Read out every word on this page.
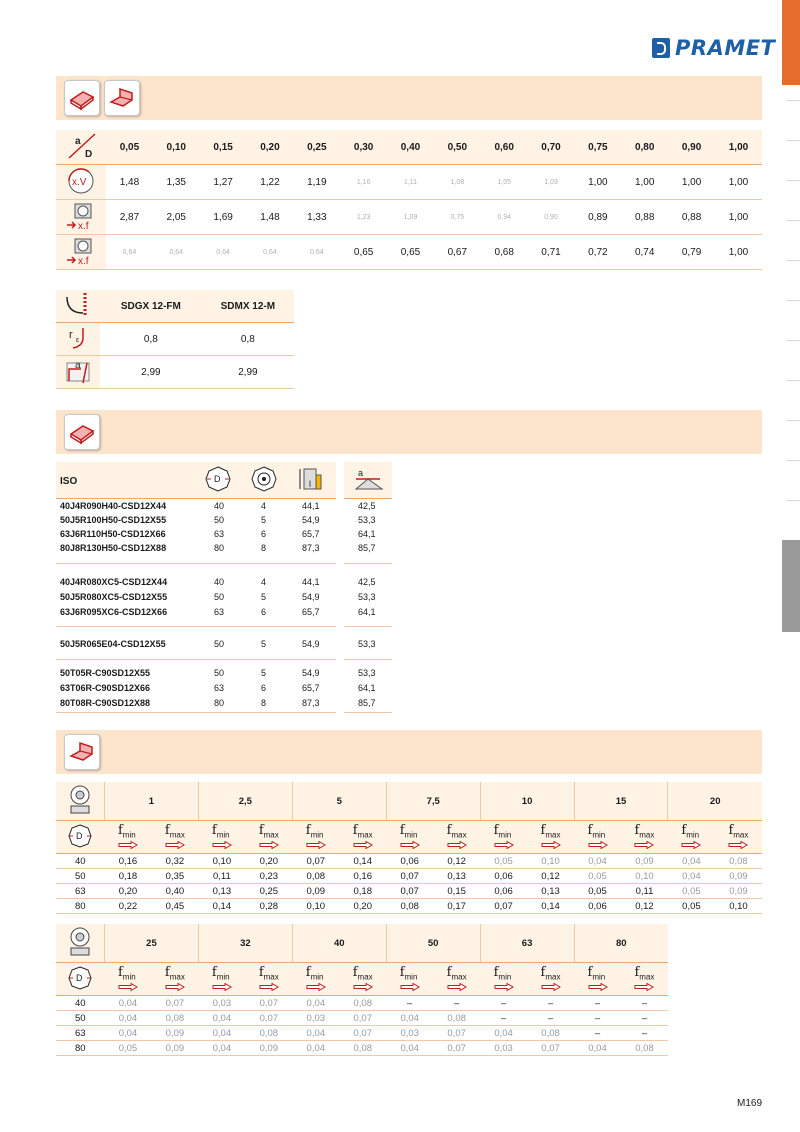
PRAMET
a
D	0,05	0,10	0,15	0,20	0,25	0,30	0,40	0,50	0,60	0,70	0,75	0,80	0,90	1,00

x.V	1,48	1,35	1,27	1,22	1,19	1,16	1,11	1,08	1,05	1,03	1,00	1,00	1,00	1,00

x.f	2,87	2,05	1,69	1,48	1,33	1,23	1,09	0,75	0,94	0,90	0,89	0,88	0,88	1,00

x.f	0,64	0,64	0,64	0,64	0,64	0,65	0,65	0,67	0,68	0,71	0,72	0,74	0,79	1,00
	SDGX 12-FM	SDMX 12-M

r ε	0,8	0,8

a	2,99	2,99
ISO	D	l
a
40J4R090H40-CSD12X44	40	4	44,1	42,5
50J5R100H50-CSD12X55	50	5	54,9	53,3
63J6R110H50-CSD12X66	63	6	65,7	64,1
80J8R130H50-CSD12X88	80	8	87,3	85,7
40J4R080XC5-CSD12X44	40	4	44,1	42,5
50J5R080XC5-CSD12X55	50	5	54,9	53,3
63J6R095XC6-CSD12X66	63	6	65,7	64,1
50J5R065E04-CSD12X55	50	5	54,9	53,3
50T05R-C90SD12X55	50	5	54,9	53,3
63T06R-C90SD12X66	63	6	65,7	64,1
80T08R-C90SD12X88	80	8	87,3	85,7
	1		2,5		5		7,5		10		15		20	

D	$f_{min}$	$f_{max}$	$f_{min}$	$f_{max}$	$f_{min}$	$f_{max}$	$f_{min}$	$f_{max}$	$f_{min}$	$f_{max}$	$f_{min}$	$f_{max}$	$f_{min}$	$f_{max}$

40	0,16	0,32	0,10	0,20	0,07	0,14	0,06	0,12	0,05	0,10	0,04	0,09	0,04	0,08
50	0,18	0,35	0,11	0,23	0,08	0,16	0,07	0,13	0,06	0,12	0,05	0,10	0,04	0,09
63	0,20	0,40	0,13	0,25	0,09	0,18	0,07	0,15	0,06	0,13	0,05	0,11	0,05	0,09
80	0,22	0,45	0,14	0,28	0,10	0,20	0,08	0,17	0,07	0,14	0,06	0,12	0,05	0,10
	25		32		40		50		63		80	

D	$f_{min}$	$f_{max}$	$f_{min}$	$f_{max}$	$f_{min}$	$f_{max}$	$f_{min}$	$f_{max}$	$f_{min}$	$f_{max}$	$f_{min}$	$f_{max}$

40	0,04	0,07	0,03	0,07	0,04	0,08	–	–	–	–	–	–
50	0,04	0,08	0,04	0,07	0,03	0,07	0,04	0,08	–	–	–	–
63	0,04	0,09	0,04	0,08	0,04	0,07	0,03	0,07	0,04	0,08	–	–
80	0,05	0,09	0,04	0,09	0,04	0,08	0,04	0,07	0,03	0,07	0,04	0,08
M169
